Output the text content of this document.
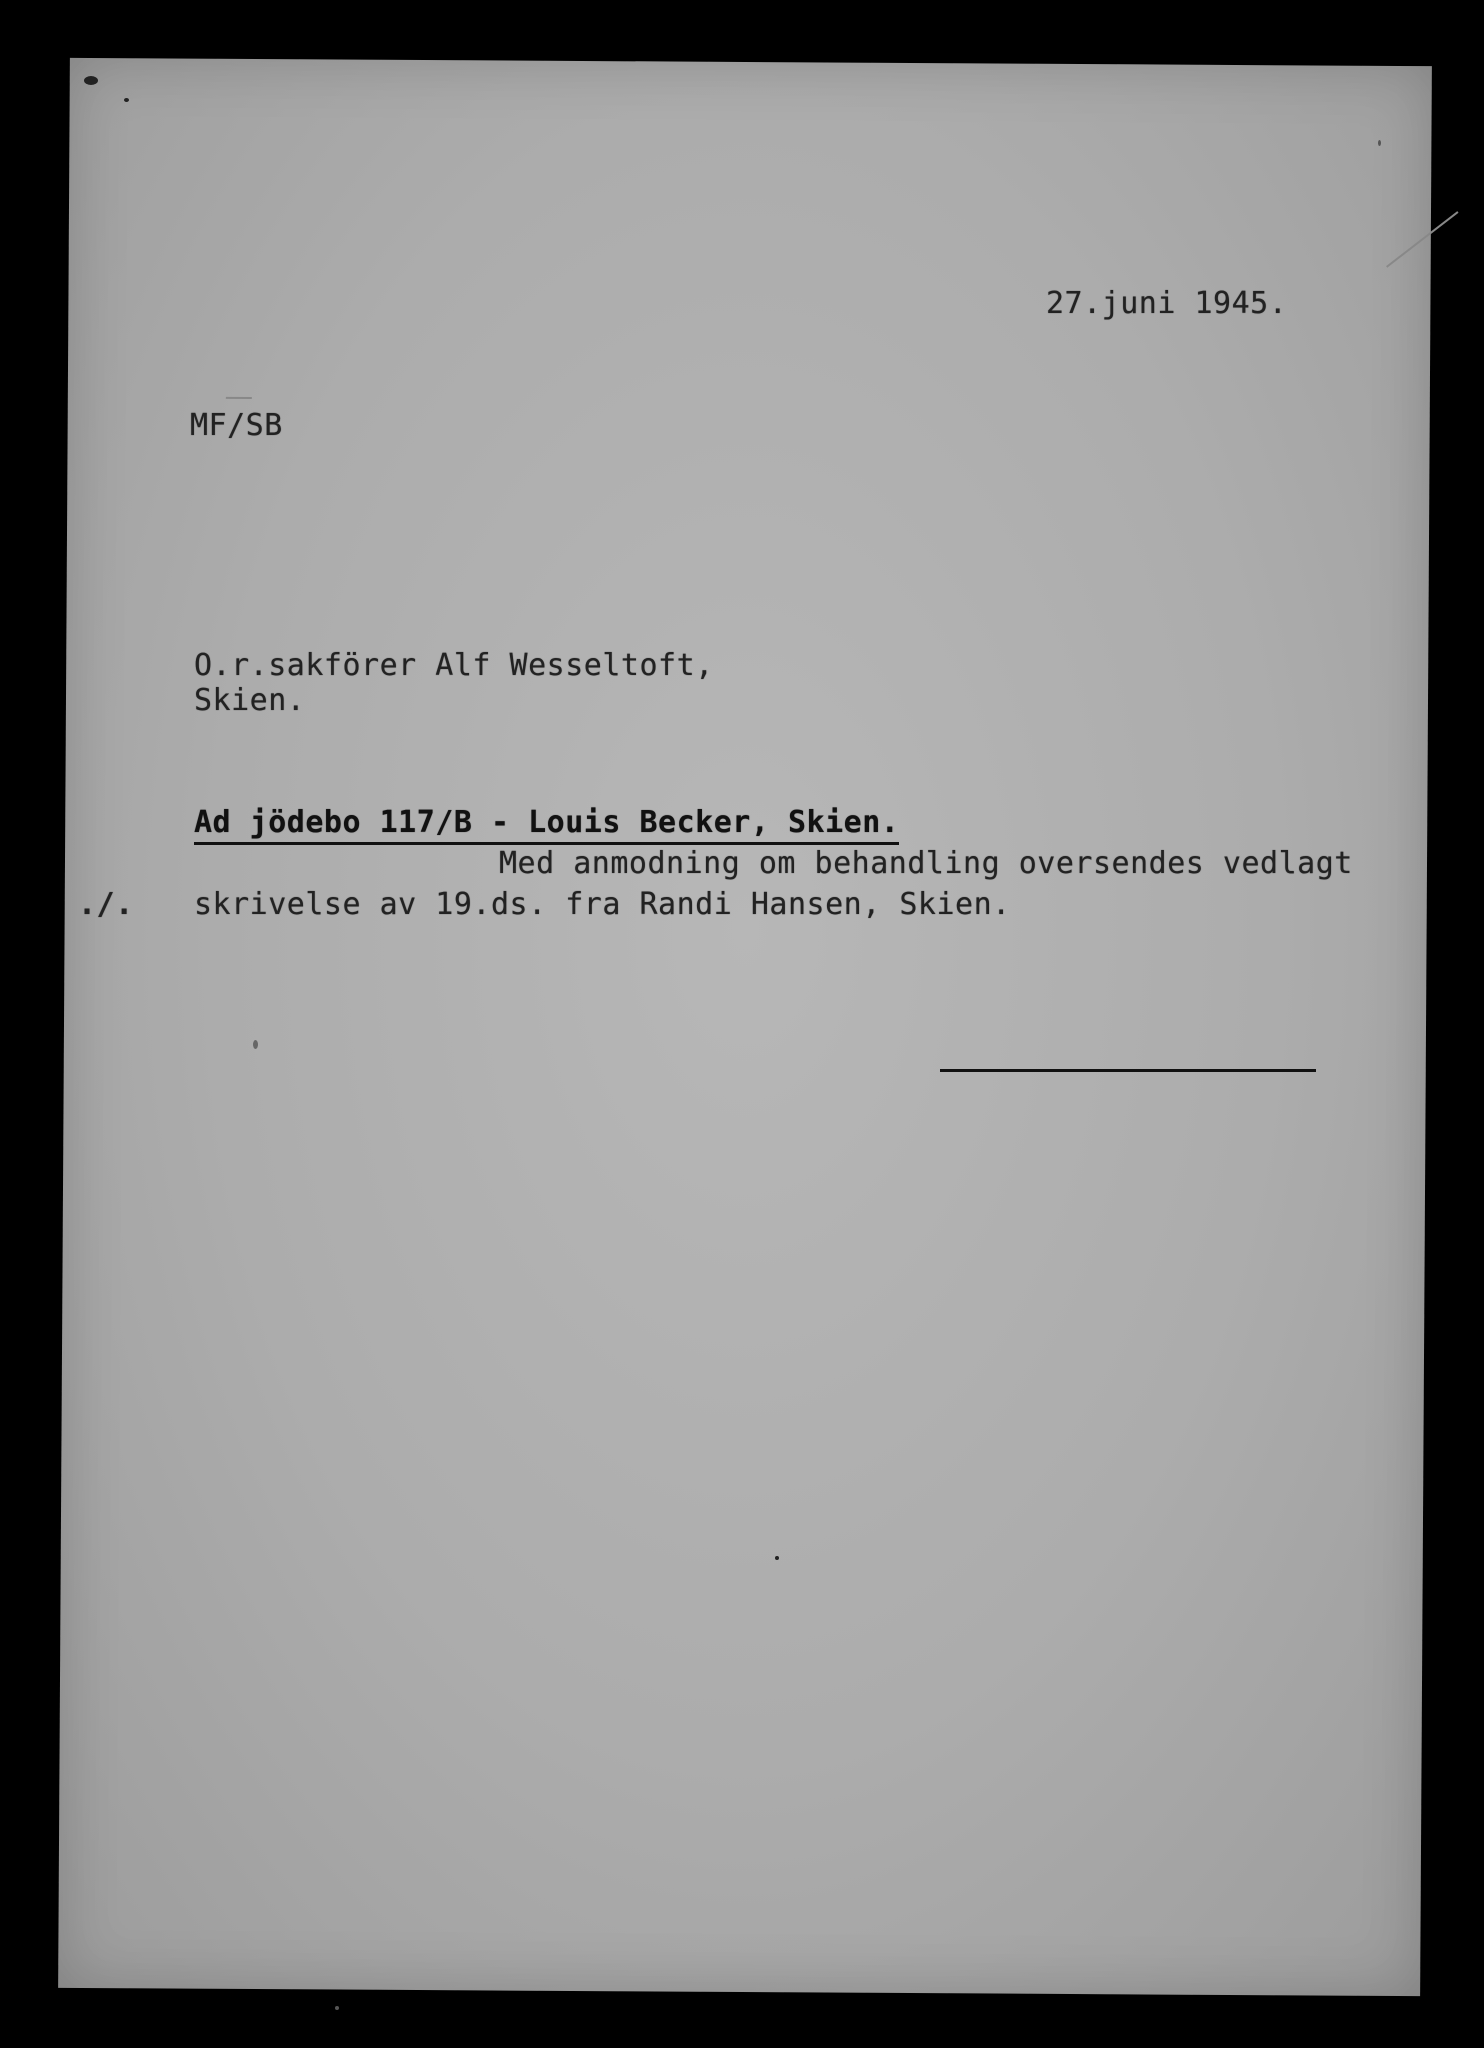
27.juni 1945.
MF/SB
O.r.sakförer Alf Wesseltoft,
Skien.
Ad jödebo 117/B - Louis Becker, Skien.
Med anmodning om behandling oversendes vedlagt
./. skrivelse av 19.ds. fra Randi Hansen, Skien.
